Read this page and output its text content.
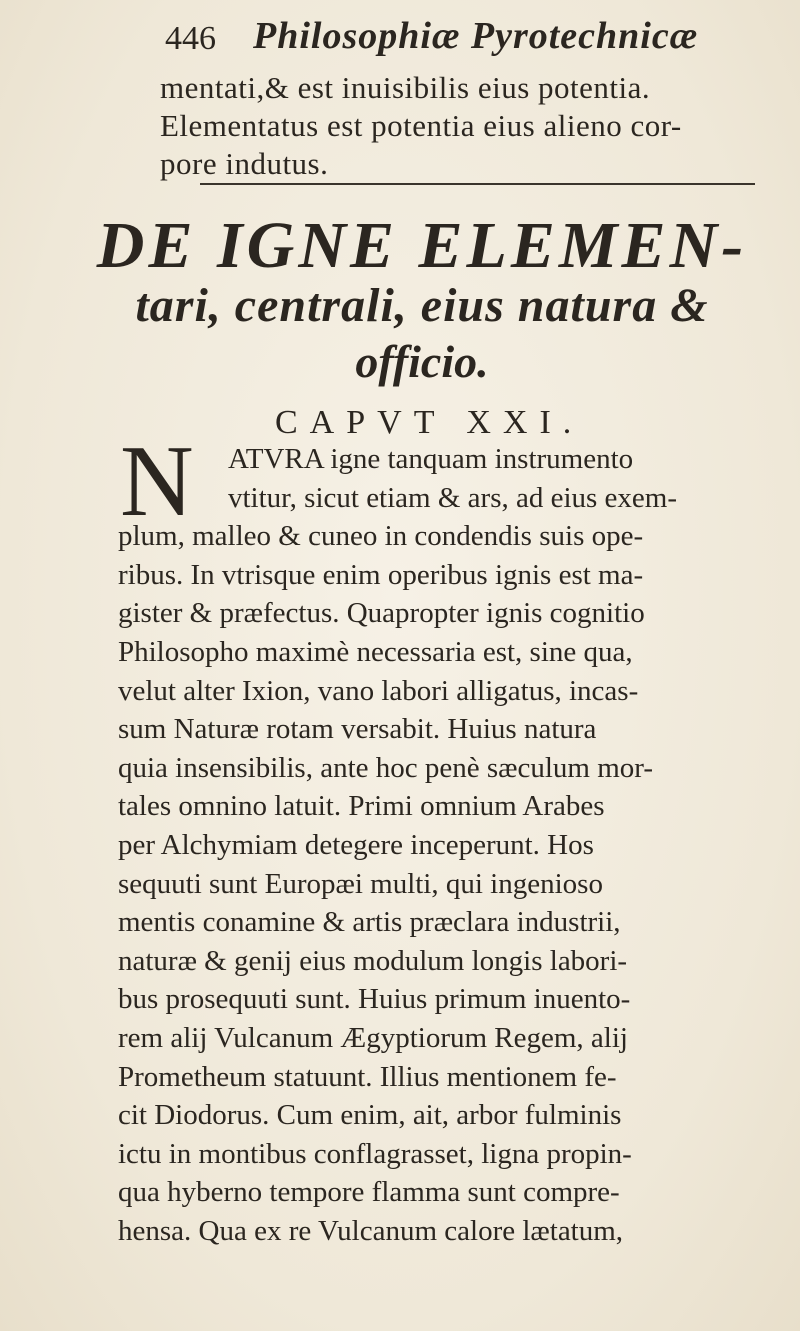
446 Philosophiæ Pyrotechnicæ
mentati,& est inuisibilis eius potentia.
Elementatus est potentia eius alieno cor-
pore indutus.
DE IGNE ELEMEN-
tari, centrali, eius natura &
officio.
CAPVT XXI.
N	ATVRA igne tanquam instrumento
vtitur, sicut etiam & ars, ad eius exem-
plum, malleo & cuneo in condendis suis ope-
ribus. In vtrisque enim operibus ignis est ma-
gister & præfectus. Quapropter ignis cognitio
Philosopho maximè necessaria est, sine qua,
velut alter Ixion, vano labori alligatus, incas-
sum Naturæ rotam versabit. Huius natura
quia insensibilis, ante hoc penè sæculum mor-
tales omnino latuit. Primi omnium Arabes
per Alchymiam detegere inceperunt. Hos
sequuti sunt Europæi multi, qui ingenioso
mentis conamine & artis præclara industrii,
naturæ & genij eius modulum longis labori-
bus prosequuti sunt. Huius primum inuento-
rem alij Vulcanum Ægyptiorum Regem, alij
Prometheum statuunt. Illius mentionem fe-
cit Diodorus. Cum enim, ait, arbor fulminis
ictu in montibus conflagrasset, ligna propin-
qua hyberno tempore flamma sunt compre-
hensa. Qua ex re Vulcanum calore lætatum,
